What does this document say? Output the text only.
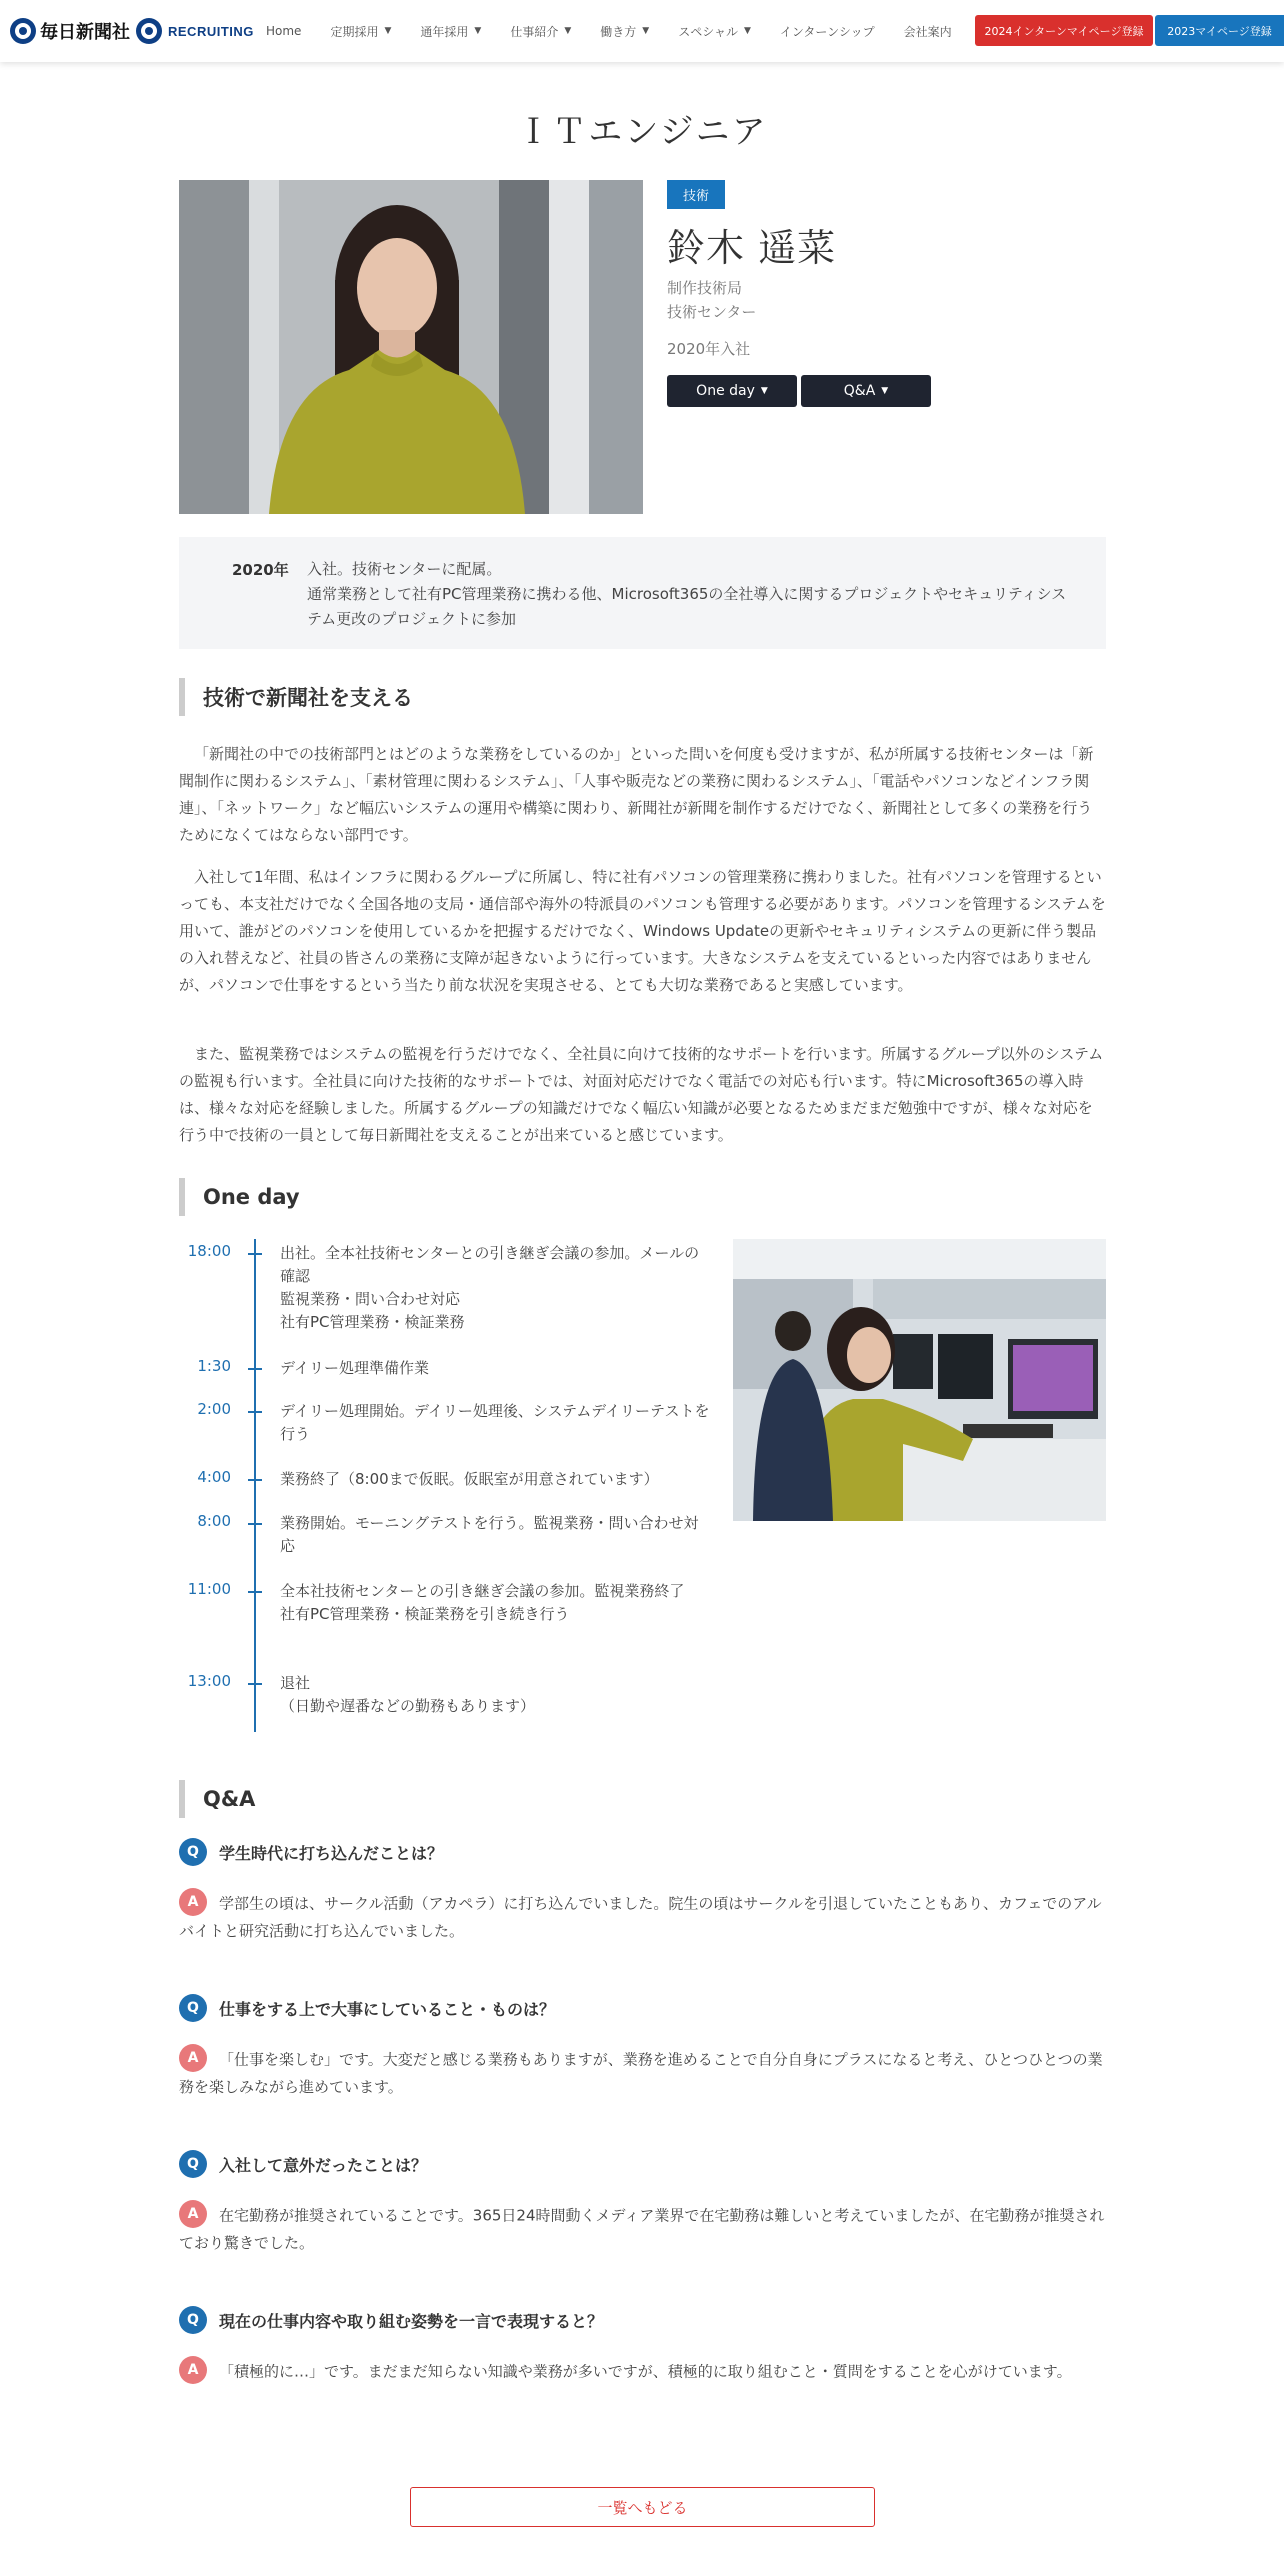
毎日新聞社	RECRUITING Home 定期採用 ▼ 通年採用 ▼ 仕事紹介 ▼ 働き方 ▼ スペシャル ▼ インターンシップ 会社案内	2024インターンマイページ登録	2023マイページ登録
ＩＴエンジニア
技術
鈴木 遥菜
制作技術局
技術センター
2020年入社
One day ▼	Q&A ▼
2020年 入社。技術センターに配属。
通常業務として社有PC管理業務に携わる他、Microsoft365の全社導入に関するプロジェクトやセキュリティシステム更改のプロジェクトに参加
技術で新聞社を支える

「新聞社の中での技術部門とはどのような業務をしているのか」といった問いを何度も受けますが、私が所属する技術センターは「新聞制作に関わるシステム」、「素材管理に関わるシステム」、「人事や販売などの業務に関わるシステム」、「電話やパソコンなどインフラ関連」、「ネットワーク」など幅広いシステムの運用や構築に関わり、新聞社が新聞を制作するだけでなく、新聞社として多くの業務を行うためになくてはならない部門です。

入社して1年間、私はインフラに関わるグループに所属し、特に社有パソコンの管理業務に携わりました。社有パソコンを管理するといっても、本支社だけでなく全国各地の支局・通信部や海外の特派員のパソコンも管理する必要があります。パソコンを管理するシステムを用いて、誰がどのパソコンを使用しているかを把握するだけでなく、Windows Updateの更新やセキュリティシステムの更新に伴う製品の入れ替えなど、社員の皆さんの業務に支障が起きないように行っています。大きなシステムを支えているといった内容ではありませんが、パソコンで仕事をするという当たり前な状況を実現させる、とても大切な業務であると実感しています。

また、監視業務ではシステムの監視を行うだけでなく、全社員に向けて技術的なサポートを行います。所属するグループ以外のシステムの監視も行います。全社員に向けた技術的なサポートでは、対面対応だけでなく電話での対応も行います。特にMicrosoft365の導入時は、様々な対応を経験しました。所属するグループの知識だけでなく幅広い知識が必要となるためまだまだ勉強中ですが、様々な対応を行う中で技術の一員として毎日新聞社を支えることが出来ていると感じています。

One day
18:00	出社。全本社技術センターとの引き継ぎ会議の参加。メールの確認
監視業務・問い合わせ対応
社有PC管理業務・検証業務
1:30	デイリー処理準備作業
2:00	デイリー処理開始。デイリー処理後、システムデイリーテストを行う
4:00	業務終了（8:00まで仮眠。仮眠室が用意されています）
8:00	業務開始。モーニングテストを行う。監視業務・問い合わせ対応
11:00	全本社技術センターとの引き継ぎ会議の参加。監視業務終了
社有PC管理業務・検証業務を引き続き行う
13:00	退社
（日勤や遅番などの勤務もあります）
Q&A
Q	学生時代に打ち込んだことは？
A 学部生の頃は、サークル活動（アカペラ）に打ち込んでいました。院生の頃はサークルを引退していたこともあり、カフェでのアルバイトと研究活動に打ち込んでいました。
Q	仕事をする上で大事にしていること・ものは？
A 「仕事を楽しむ」です。大変だと感じる業務もありますが、業務を進めることで自分自身にプラスになると考え、ひとつひとつの業務を楽しみながら進めています。
Q	入社して意外だったことは？
A 在宅勤務が推奨されていることです。365日24時間動くメディア業界で在宅勤務は難しいと考えていましたが、在宅勤務が推奨されており驚きでした。
Q	現在の仕事内容や取り組む姿勢を一言で表現すると？
A 「積極的に…」です。まだまだ知らない知識や業務が多いですが、積極的に取り組むこと・質問をすることを心がけています。
一覧へもどる
